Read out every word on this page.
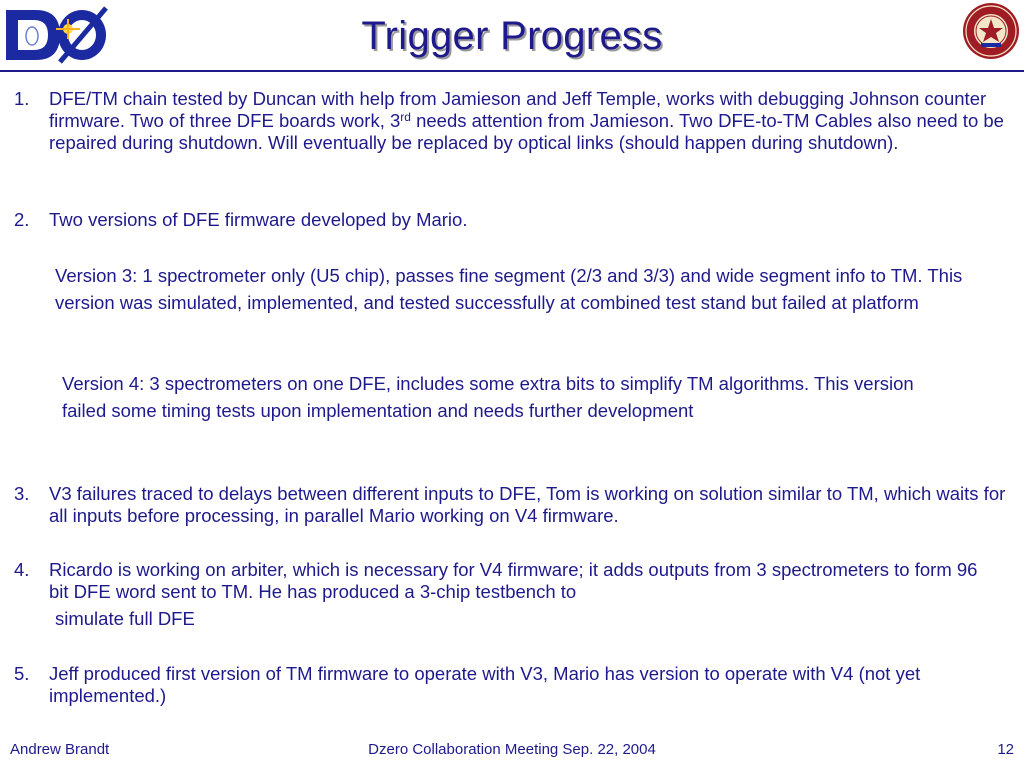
Trigger Progress
1. DFE/TM chain tested by Duncan with help from Jamieson and Jeff Temple, works with debugging Johnson counter firmware. Two of three DFE boards work, 3rd needs attention from Jamieson. Two DFE-to-TM Cables also need to be repaired during shutdown. Will eventually be replaced by optical links (should happen during shutdown).
2. Two versions of DFE firmware developed by Mario.
Version 3: 1 spectrometer only (U5 chip), passes fine segment (2/3 and 3/3) and wide segment info to TM. This version was simulated, implemented, and tested successfully at combined test stand but failed at platform
Version 4: 3 spectrometers on one DFE, includes some extra bits to simplify TM algorithms. This version failed some timing tests upon implementation and needs further development
3. V3 failures traced to delays between different inputs to DFE, Tom is working on solution similar to TM, which waits for all inputs before processing, in parallel Mario working on V4 firmware.
4. Ricardo is working on arbiter, which is necessary for V4 firmware; it adds outputs from 3 spectrometers to form 96 bit DFE word sent to TM. He has produced a 3-chip testbench to
simulate full DFE
5. Jeff produced first version of TM firmware to operate with V3, Mario has version to operate with V4 (not yet implemented.)
Andrew Brandt	Dzero Collaboration Meeting Sep. 22, 2004	12
